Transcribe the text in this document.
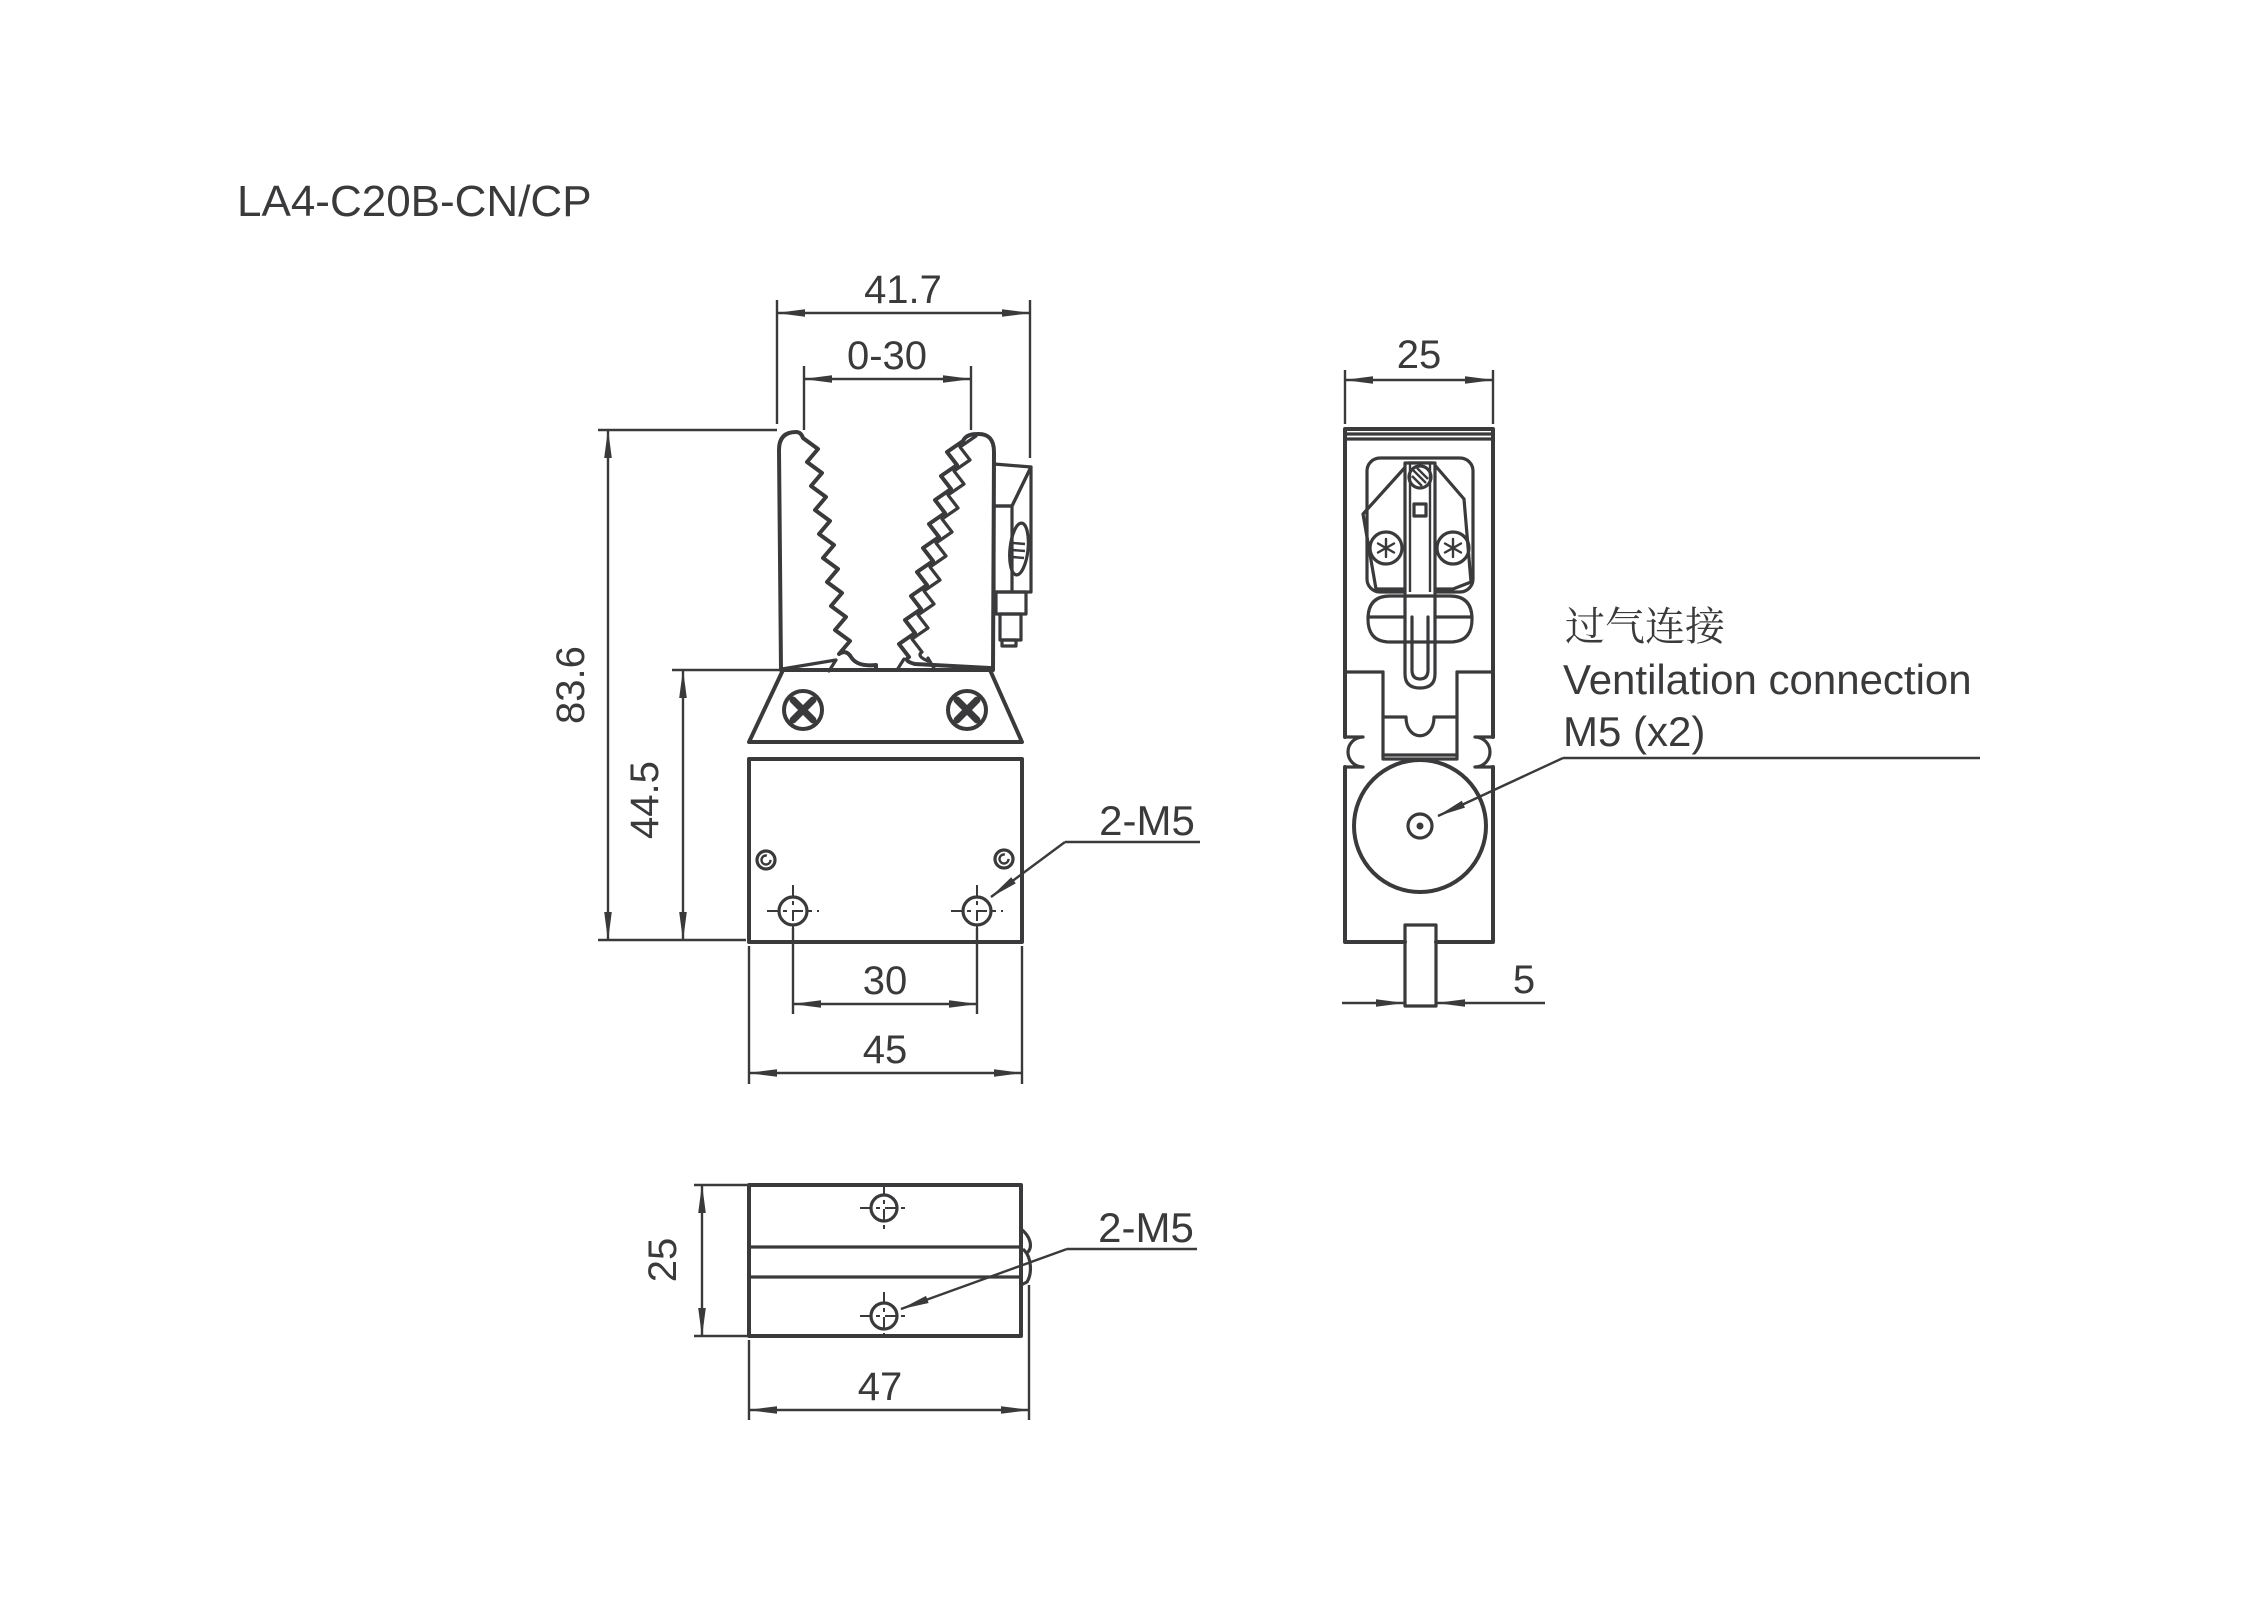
LA4-C20B-CN/CP
41.7
0-30
83.6
44.5
30
45
2-M5
25
5
过气连接
Ventilation connection
M5 (x2)
25
47
2-M5
